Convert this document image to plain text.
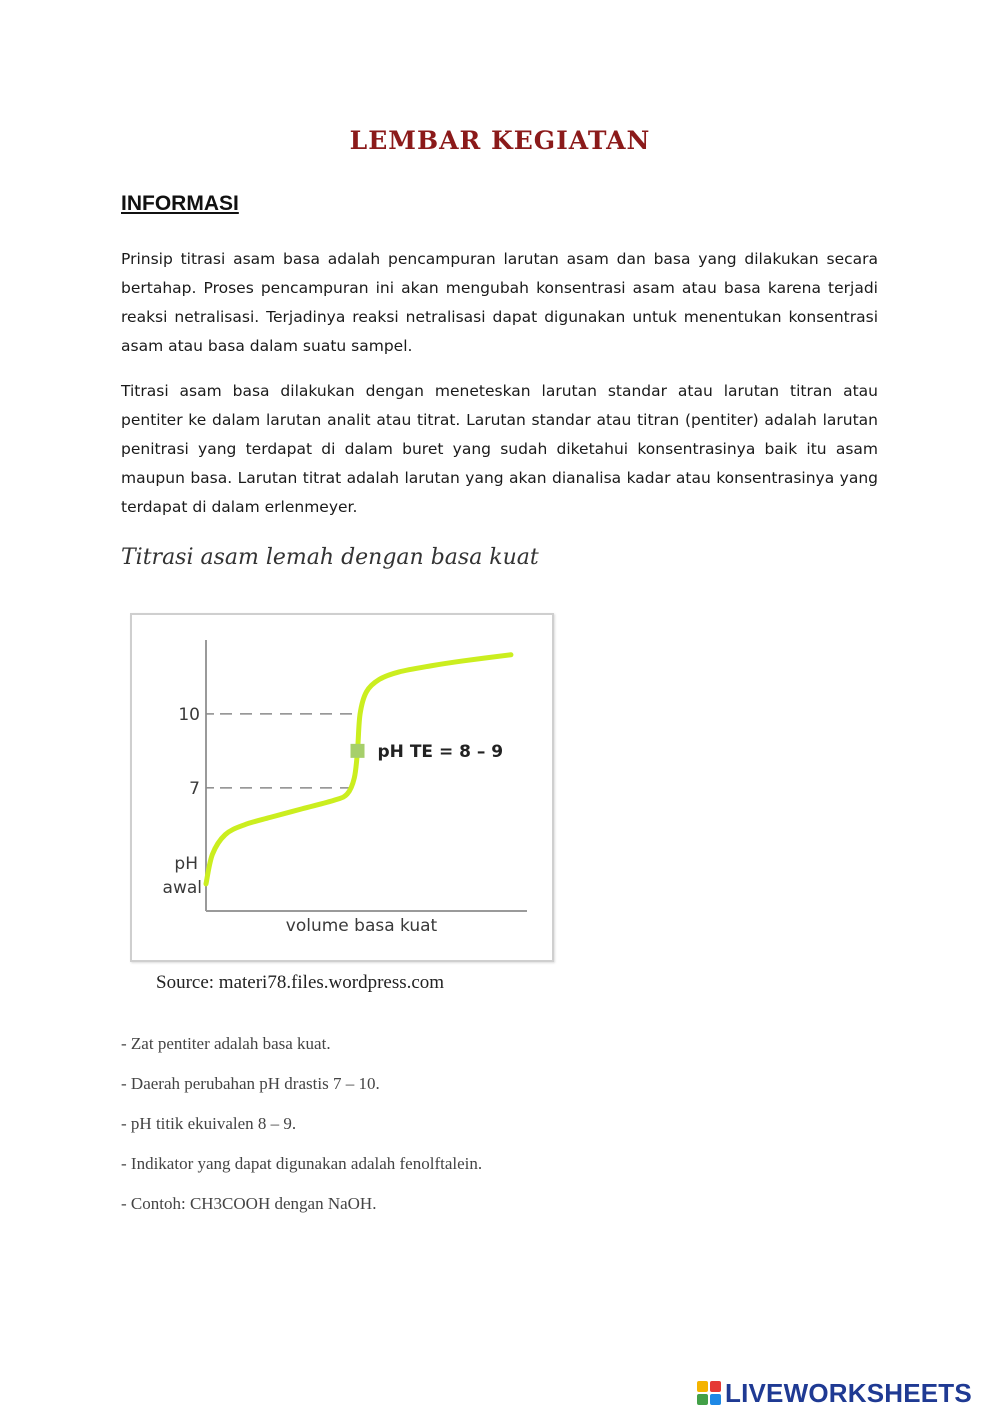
LEMBAR KEGIATAN
INFORMASI
Prinsip titrasi asam basa adalah pencampuran larutan asam dan basa yang dilakukan secara bertahap. Proses pencampuran ini akan mengubah konsentrasi asam atau basa karena terjadi reaksi netralisasi. Terjadinya reaksi netralisasi dapat digunakan untuk menentukan konsentrasi asam atau basa dalam suatu sampel.
Titrasi asam basa dilakukan dengan meneteskan larutan standar atau larutan titran atau pentiter ke dalam larutan analit atau titrat. Larutan standar atau titran (pentiter) adalah larutan penitrasi yang terdapat di dalam buret yang sudah diketahui konsentrasinya baik itu asam maupun basa. Larutan titrat adalah larutan yang akan dianalisa kadar atau konsentrasinya yang terdapat di dalam erlenmeyer.
Titrasi asam lemah dengan basa kuat
volume basa kuat
pH
awal
10
7
pH TE = 8 – 9
Source: materi78.files.wordpress.com
- Zat pentiter adalah basa kuat.
- Daerah perubahan pH drastis 7 – 10.
- pH titik ekuivalen 8 – 9.
- Indikator yang dapat digunakan adalah fenolftalein.
- Contoh: CH3COOH dengan NaOH.
LIVEWORKSHEETS
